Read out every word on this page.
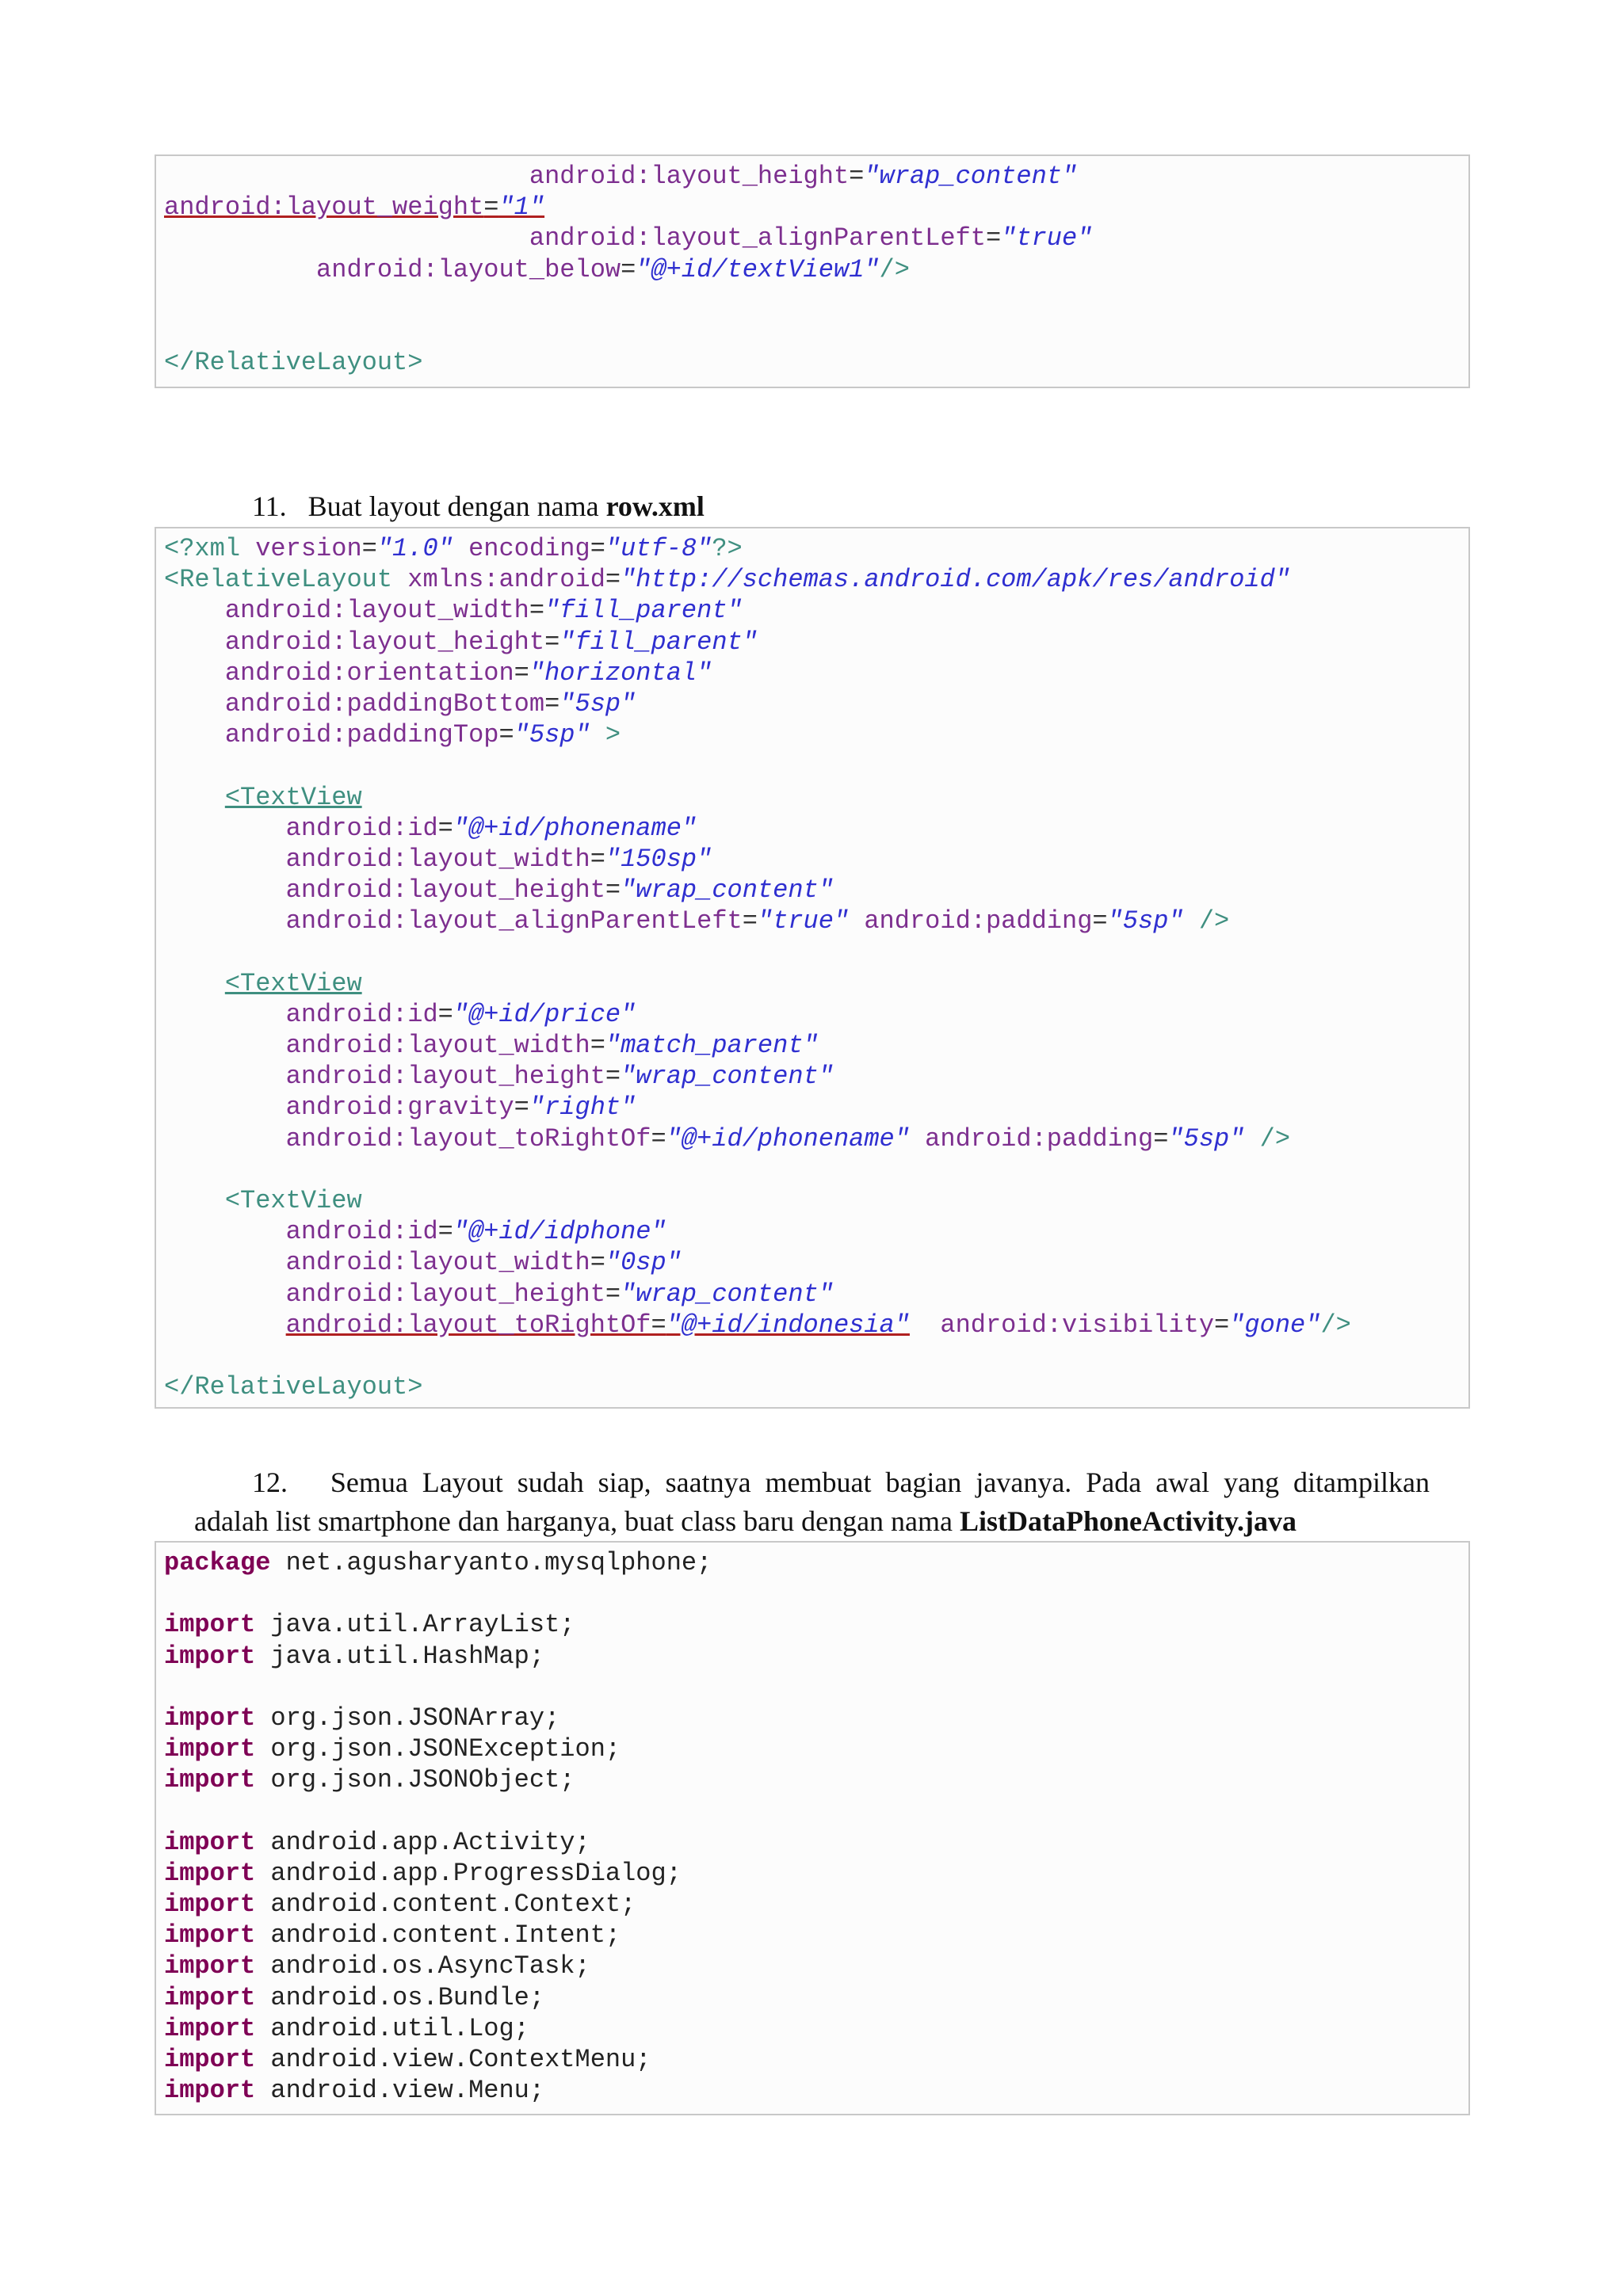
android:layout_height="wrap_content"
android:layout_weight="1"
android:layout_alignParentLeft="true"
android:layout_below="@+id/textView1"/>
</RelativeLayout>

11. Buat layout dengan nama row.xml

<?xml version="1.0" encoding="utf-8"?>
<RelativeLayout xmlns:android="http://schemas.android.com/apk/res/android"
android:layout_width="fill_parent"
android:layout_height="fill_parent"
android:orientation="horizontal"
android:paddingBottom="5sp"
android:paddingTop="5sp" >
<TextView
android:id="@+id/phonename"
android:layout_width="150sp"
android:layout_height="wrap_content"
android:layout_alignParentLeft="true" android:padding="5sp" />
<TextView
android:id="@+id/price"
android:layout_width="match_parent"
android:layout_height="wrap_content"
android:gravity="right"
android:layout_toRightOf="@+id/phonename" android:padding="5sp" />
<TextView
android:id="@+id/idphone"
android:layout_width="0sp"
android:layout_height="wrap_content"
android:layout_toRightOf="@+id/indonesia" android:visibility="gone"/>
</RelativeLayout>

12. Semua Layout sudah siap, saatnya membuat bagian javanya. Pada awal yang ditampilkan

adalah list smartphone dan harganya, buat class baru dengan nama ListDataPhoneActivity.java

package net.agusharyanto.mysqlphone;
import java.util.ArrayList;
import java.util.HashMap;
import org.json.JSONArray;
import org.json.JSONException;
import org.json.JSONObject;
import android.app.Activity;
import android.app.ProgressDialog;
import android.content.Context;
import android.content.Intent;
import android.os.AsyncTask;
import android.os.Bundle;
import android.util.Log;
import android.view.ContextMenu;
import android.view.Menu;
